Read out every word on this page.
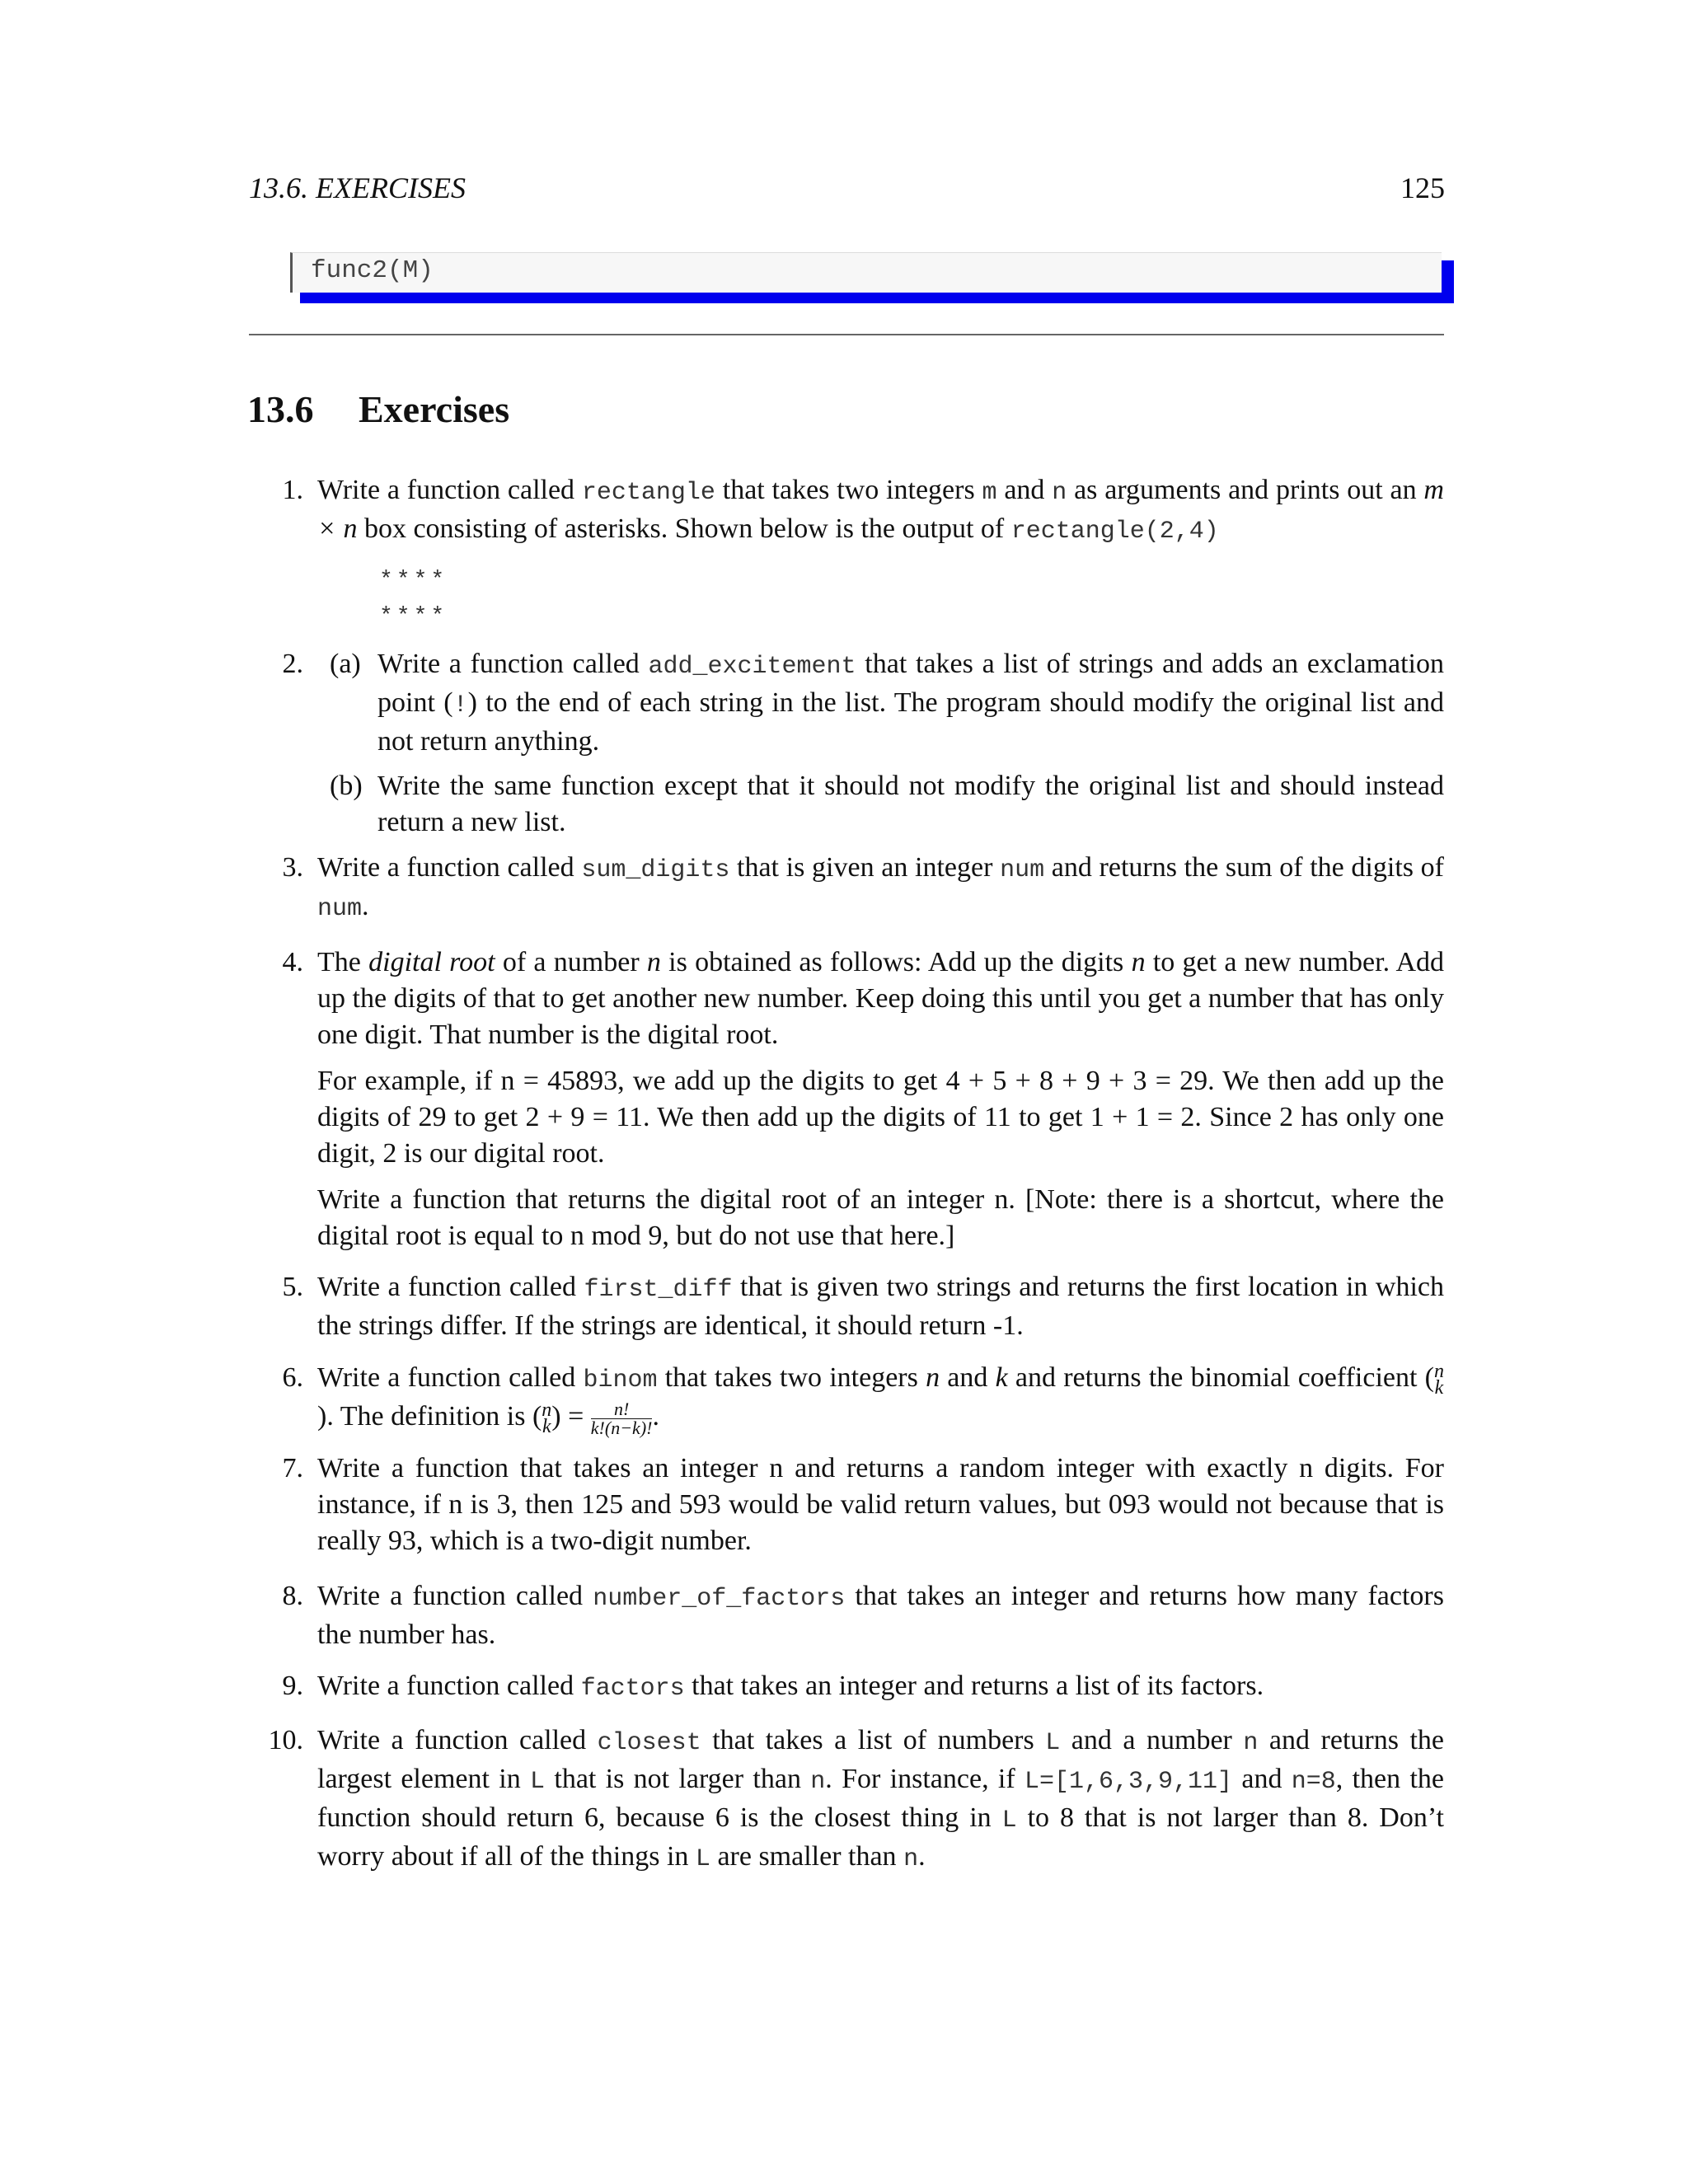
13.6. EXERCISES	125
func2(M)
13.6 Exercises
1. Write a function called rectangle that takes two integers m and n as arguments and prints out an m × n box consisting of asterisks. Shown below is the output of rectangle(2,4)

****
****
2. (a) Write a function called add_excitement that takes a list of strings and adds an exclamation point (!) to the end of each string in the list. The program should modify the original list and not return anything.
(b) Write the same function except that it should not modify the original list and should instead return a new list.
3. Write a function called sum_digits that is given an integer num and returns the sum of the digits of num.

4. The digital root of a number n is obtained as follows: Add up the digits n to get a new number. Add up the digits of that to get another new number. Keep doing this until you get a number that has only one digit. That number is the digital root.

For example, if n = 45893, we add up the digits to get 4 + 5 + 8 + 9 + 3 = 29. We then add up the digits of 29 to get 2 + 9 = 11. We then add up the digits of 11 to get 1 + 1 = 2. Since 2 has only one digit, 2 is our digital root.

Write a function that returns the digital root of an integer n. [Note: there is a shortcut, where the digital root is equal to n mod 9, but do not use that here.]

5. Write a function called first_diff that is given two strings and returns the first location in which the strings differ. If the strings are identical, it should return -1.

6. Write a function called binom that takes two integers n and k and returns the binomial coefficient ( n
k
). The definition is ( n
k ) = $\frac{n!}{k!(n-k)!}$ .

7. Write a function that takes an integer n and returns a random integer with exactly n digits. For instance, if n is 3, then 125 and 593 would be valid return values, but 093 would not because that is really 93, which is a two-digit number.

8. Write a function called number_of_factors that takes an integer and returns how many factors the number has.

9. Write a function called factors that takes an integer and returns a list of its factors.

10. Write a function called closest that takes a list of numbers L and a number n and returns the largest element in L that is not larger than n. For instance, if L=[1,6,3,9,11] and n=8, then the function should return 6, because 6 is the closest thing in L to 8 that is not larger than 8. Don’t worry about if all of the things in L are smaller than n.
